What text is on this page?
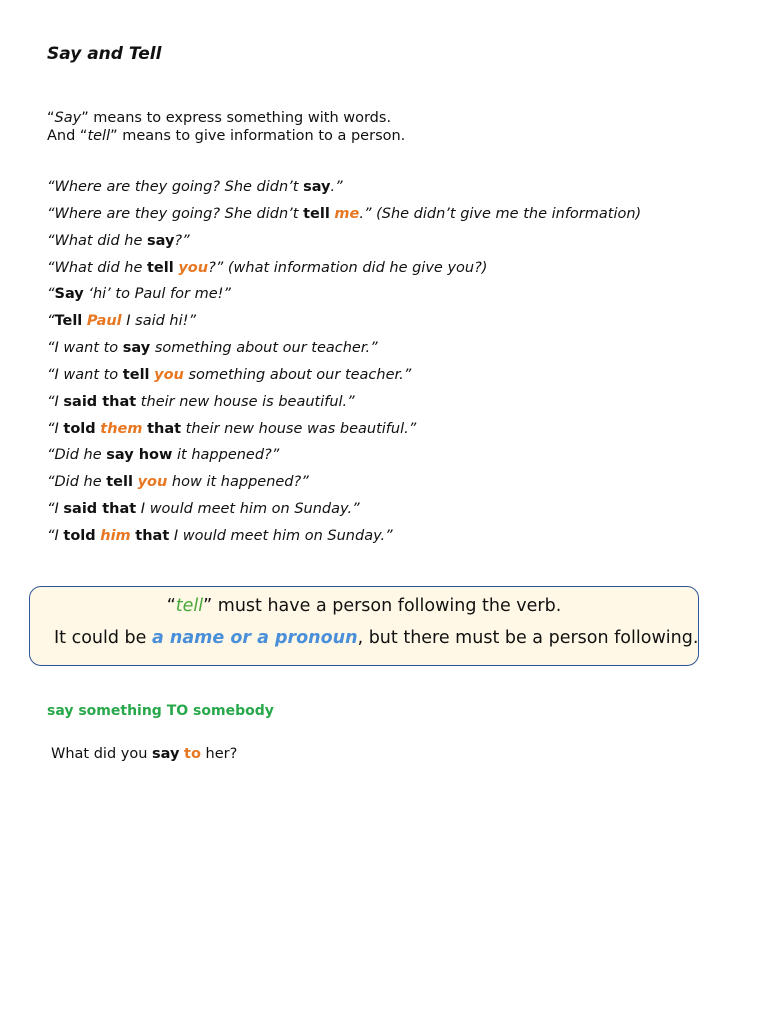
Say and Tell
“Say” means to express something with words.
And “tell” means to give information to a person.
“Where are they going? She didn’t say.”
“Where are they going? She didn’t tell me.” (She didn’t give me the information)
“What did he say?”
“What did he tell you?” (what information did he give you?)
“Say ‘hi’ to Paul for me!”
“Tell Paul I said hi!”
“I want to say something about our teacher.”
“I want to tell you something about our teacher.”
“I said that their new house is beautiful.”
“I told them that their new house was beautiful.”
“Did he say how it happened?”
“Did he tell you how it happened?”
“I said that I would meet him on Sunday.”
“I told him that I would meet him on Sunday.”
“tell” must have a person following the verb.
It could be a name or a pronoun, but there must be a person following.
say something TO somebody
What did you say to her?
